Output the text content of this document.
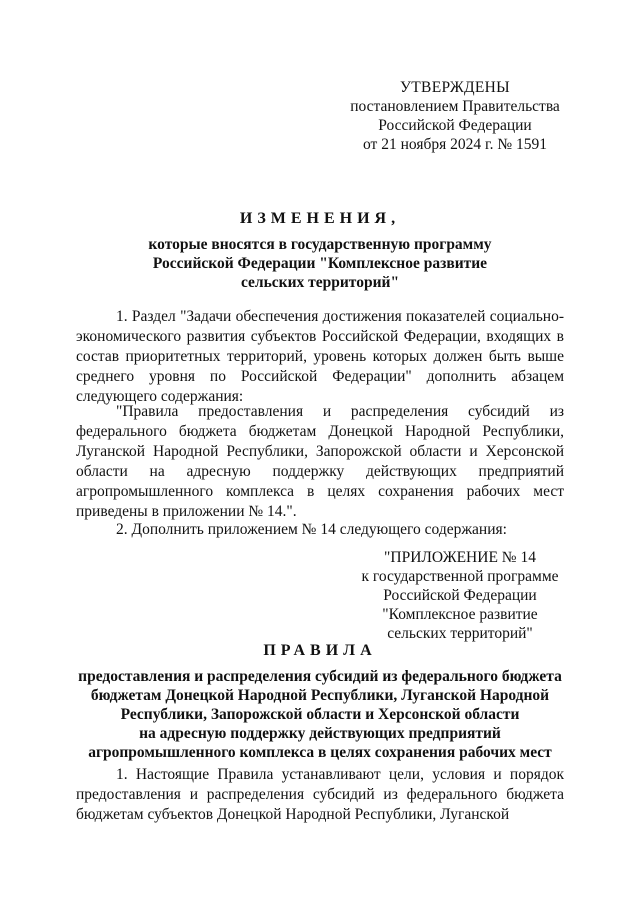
УТВЕРЖДЕНЫ
постановлением Правительства
Российской Федерации
от 21 ноября 2024 г. № 1591
ИЗМЕНЕНИЯ,
которые вносятся в государственную программу
Российской Федерации "Комплексное развитие
сельских территорий"

1. Раздел "Задачи обеспечения достижения показателей социально-экономического развития субъектов Российской Федерации, входящих в состав приоритетных территорий, уровень которых должен быть выше среднего уровня по Российской Федерации" дополнить абзацем следующего содержания:

"Правила предоставления и распределения субсидий из федерального бюджета бюджетам Донецкой Народной Республики, Луганской Народной Республики, Запорожской области и Херсонской области на адресную поддержку действующих предприятий агропромышленного комплекса в целях сохранения рабочих мест приведены в приложении № 14.".

2. Дополнить приложением № 14 следующего содержания:

"ПРИЛОЖЕНИЕ № 14
к государственной программе
Российской Федерации
"Комплексное развитие
сельских территорий"
ПРАВИЛА
предоставления и распределения субсидий из федерального бюджета
бюджетам Донецкой Народной Республики, Луганской Народной
Республики, Запорожской области и Херсонской области
на адресную поддержку действующих предприятий
агропромышленного комплекса в целях сохранения рабочих мест

1. Настоящие Правила устанавливают цели, условия и порядок предоставления и распределения субсидий из федерального бюджета бюджетам субъектов Донецкой Народной Республики, Луганской
